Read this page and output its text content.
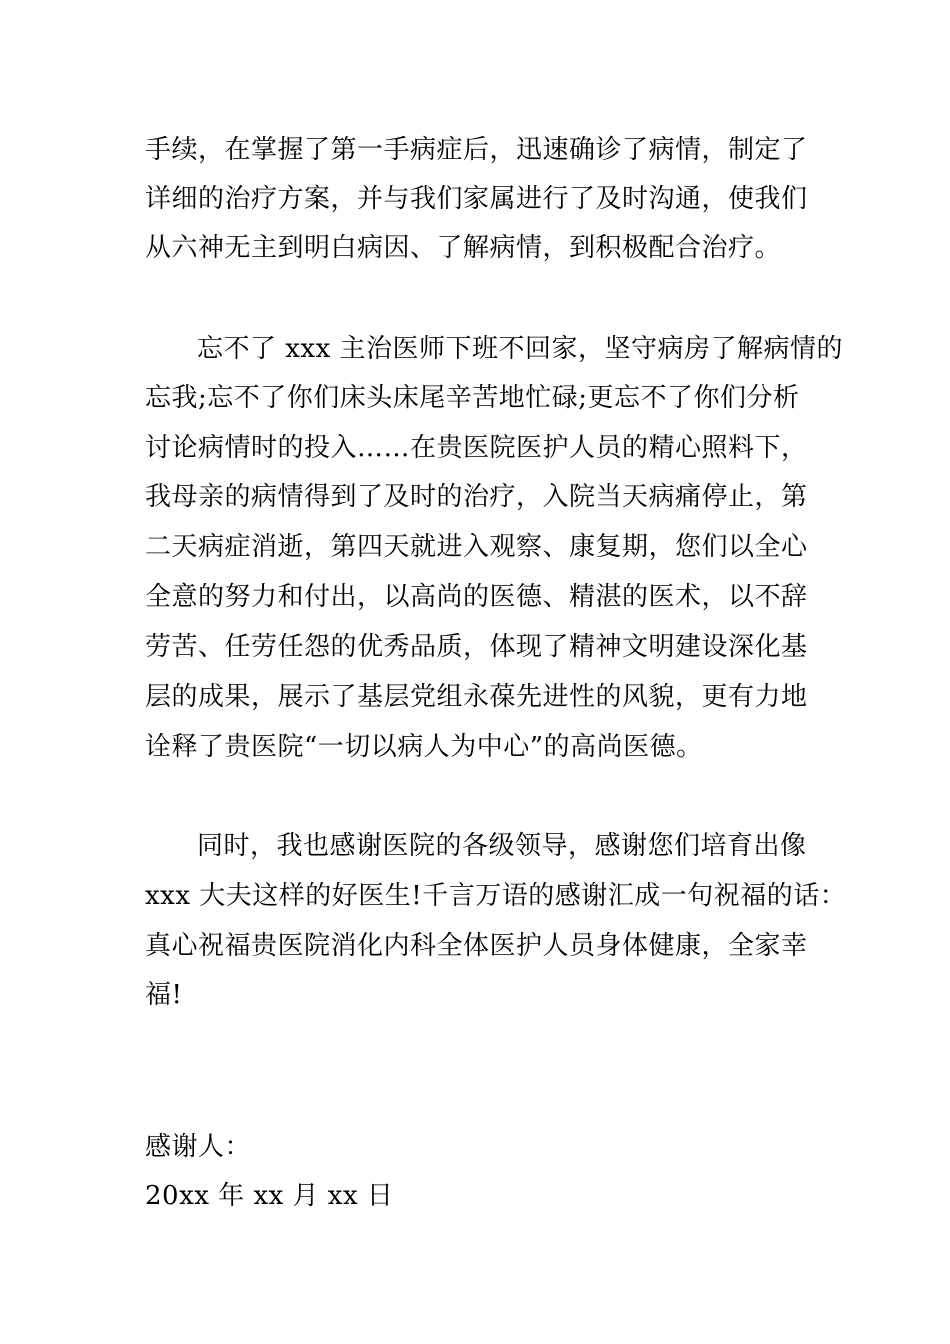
手续，在掌握了第一手病症后，迅速确诊了病情，制定了
详细的治疗方案，并与我们家属进行了及时沟通，使我们
从六神无主到明白病因、了解病情，到积极配合治疗。
忘不了 xxx 主治医师下班不回家，坚守病房了解病情的
忘我;忘不了你们床头床尾辛苦地忙碌;更忘不了你们分析
讨论病情时的投入……在贵医院医护人员的精心照料下，
我母亲的病情得到了及时的治疗，入院当天病痛停止，第
二天病症消逝，第四天就进入观察、康复期，您们以全心
全意的努力和付出，以高尚的医德、精湛的医术，以不辞
劳苦、任劳任怨的优秀品质，体现了精神文明建设深化基
层的成果，展示了基层党组永葆先进性的风貌，更有力地
诠释了贵医院“一切以病人为中心”的高尚医德。
同时，我也感谢医院的各级领导，感谢您们培育出像
xxx 大夫这样的好医生!千言万语的感谢汇成一句祝福的话：
真心祝福贵医院消化内科全体医护人员身体健康，全家幸
福!
感谢人：
20xx 年 xx 月 xx 日
